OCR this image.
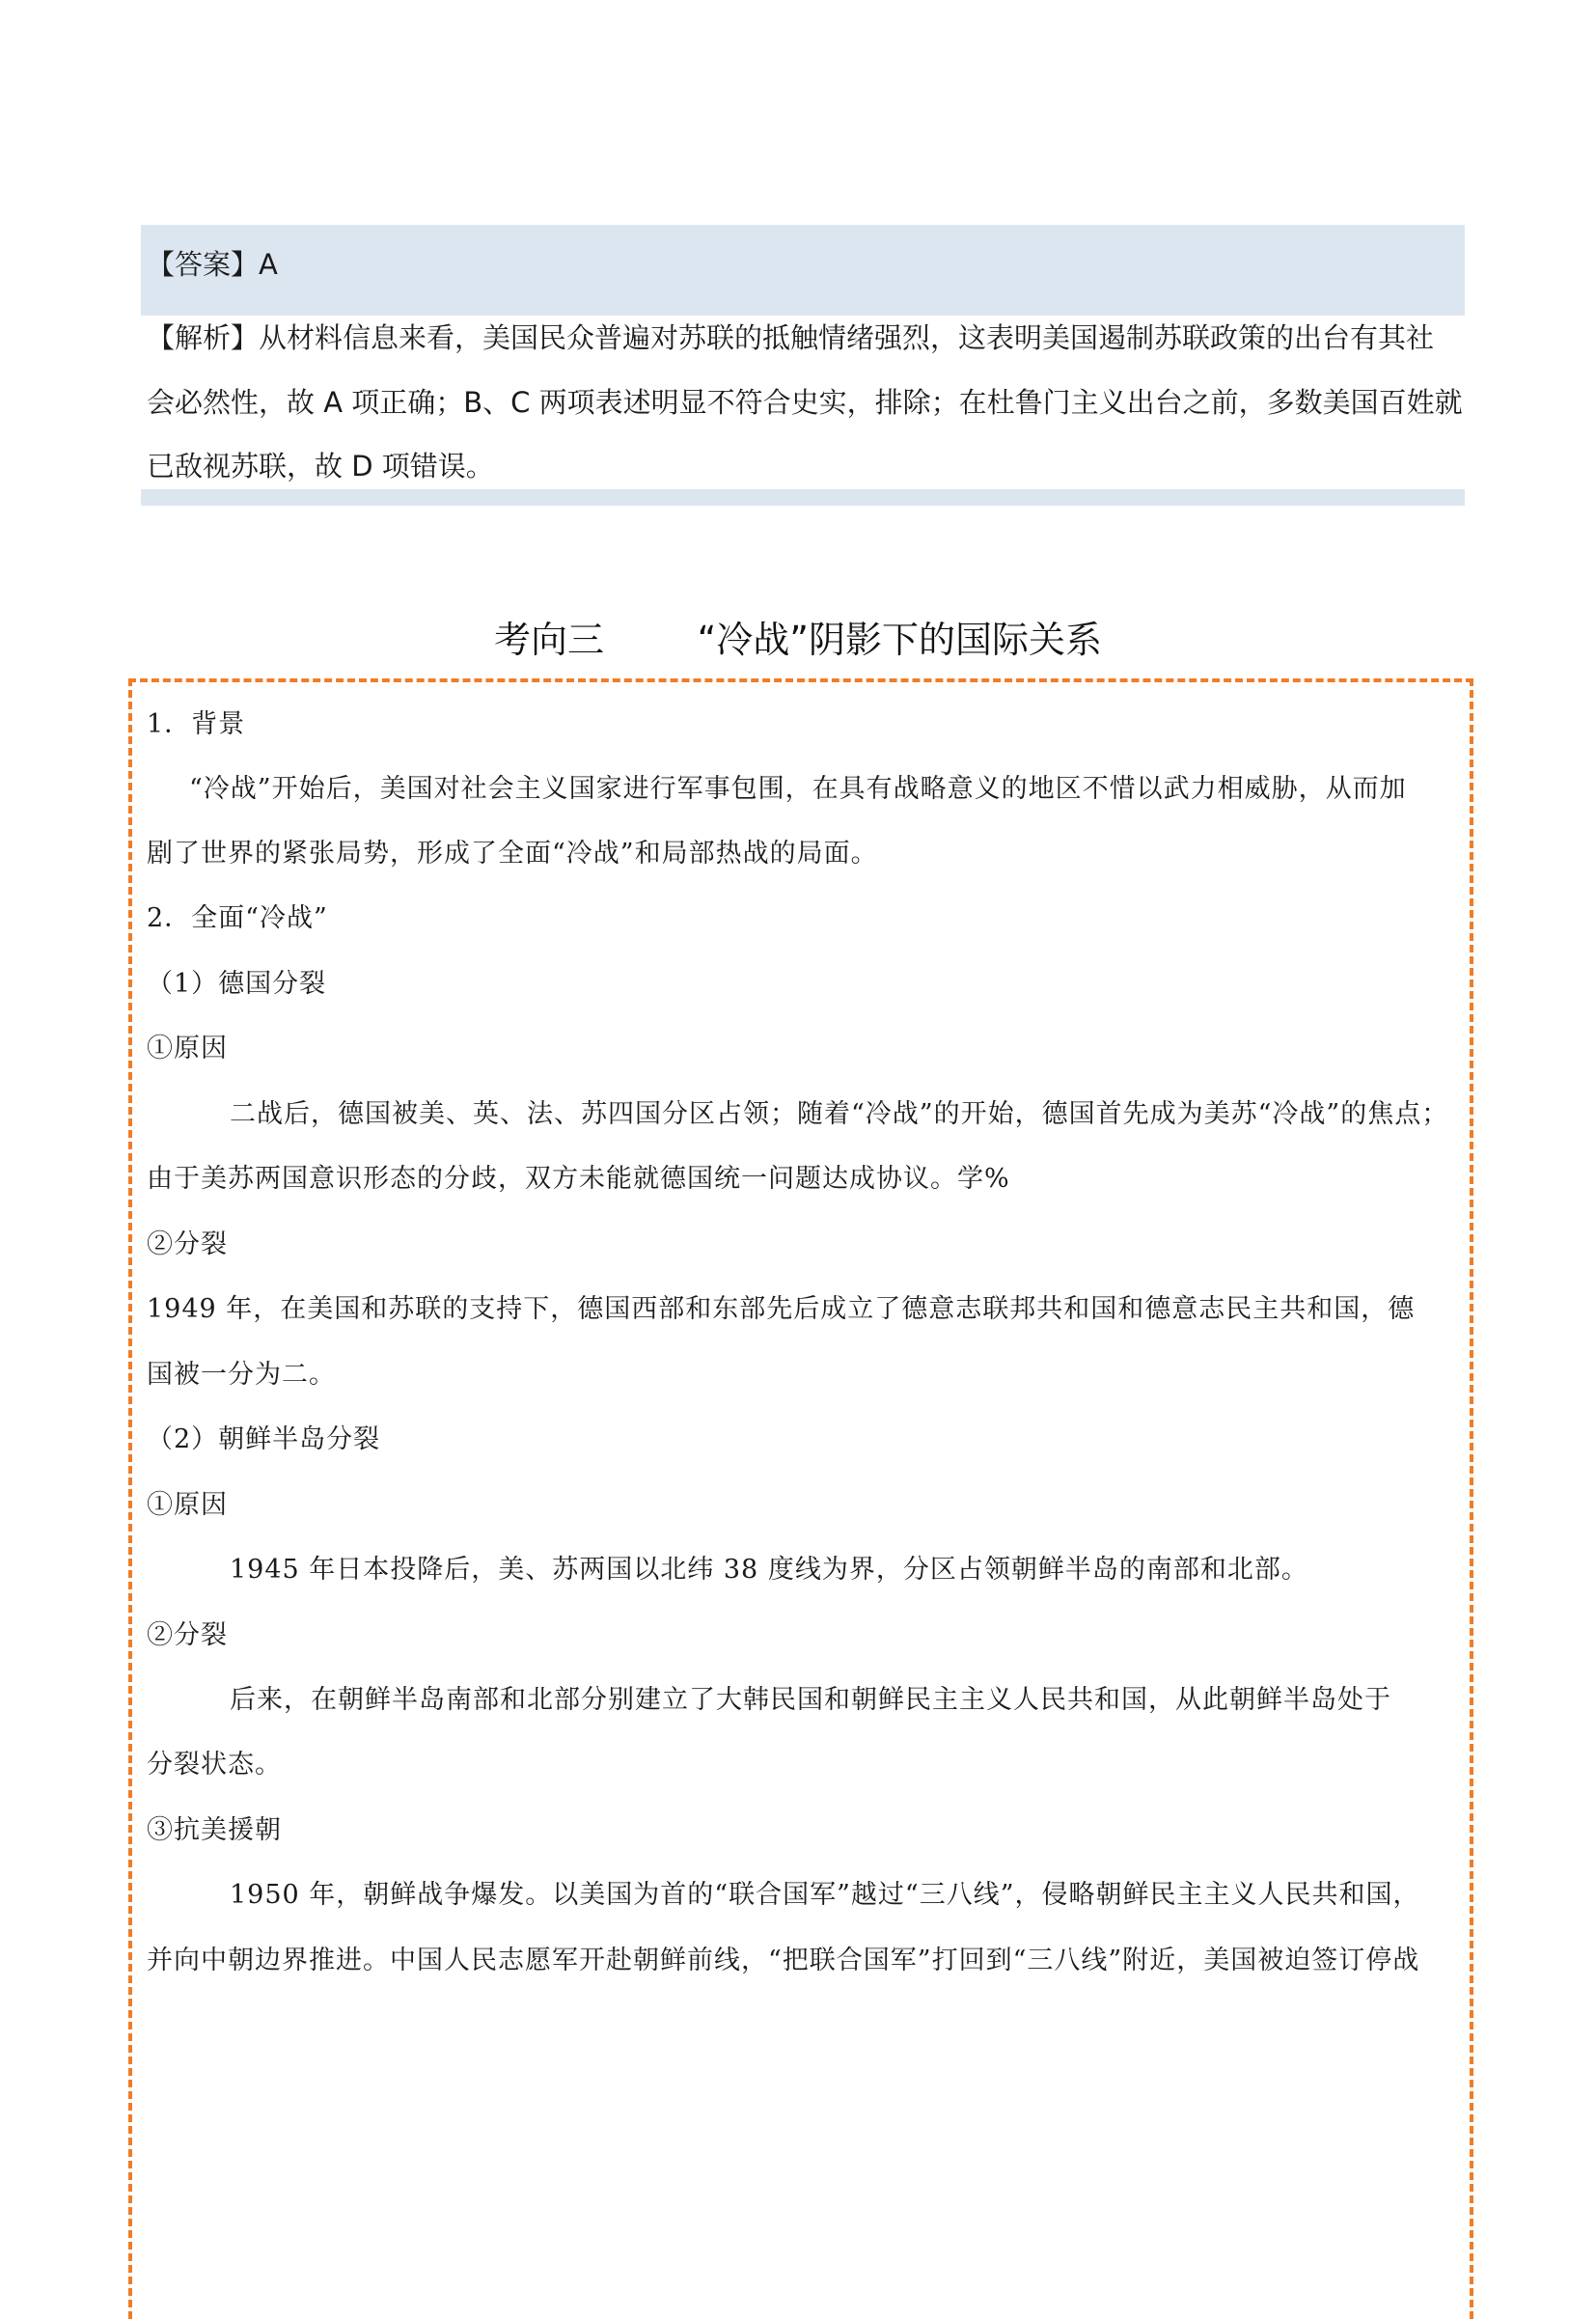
【答案】A
【解析】从材料信息来看，美国民众普遍对苏联的抵触情绪强烈，这表明美国遏制苏联政策的出台有其社
会必然性，故 A 项正确；B、C 两项表述明显不符合史实，排除；在杜鲁门主义出台之前，多数美国百姓就
已敌视苏联，故 D 项错误。
考向三        “冷战”阴影下的国际关系
1．背景
“冷战”开始后，美国对社会主义国家进行军事包围，在具有战略意义的地区不惜以武力相威胁，从而加
剧了世界的紧张局势，形成了全面“冷战”和局部热战的局面。
2．全面“冷战”
（1）德国分裂
①原因
二战后，德国被美、英、法、苏四国分区占领；随着“冷战”的开始，德国首先成为美苏“冷战”的焦点；
由于美苏两国意识形态的分歧，双方未能就德国统一问题达成协议。学%
②分裂
1949 年，在美国和苏联的支持下，德国西部和东部先后成立了德意志联邦共和国和德意志民主共和国，德
国被一分为二。
（2）朝鲜半岛分裂
①原因
1945 年日本投降后，美、苏两国以北纬 38 度线为界，分区占领朝鲜半岛的南部和北部。
②分裂
后来，在朝鲜半岛南部和北部分别建立了大韩民国和朝鲜民主主义人民共和国，从此朝鲜半岛处于
分裂状态。
③抗美援朝
1950 年，朝鲜战争爆发。以美国为首的“联合国军”越过“三八线”，侵略朝鲜民主主义人民共和国，
并向中朝边界推进。中国人民志愿军开赴朝鲜前线，“把联合国军”打回到“三八线”附近，美国被迫签订停战
